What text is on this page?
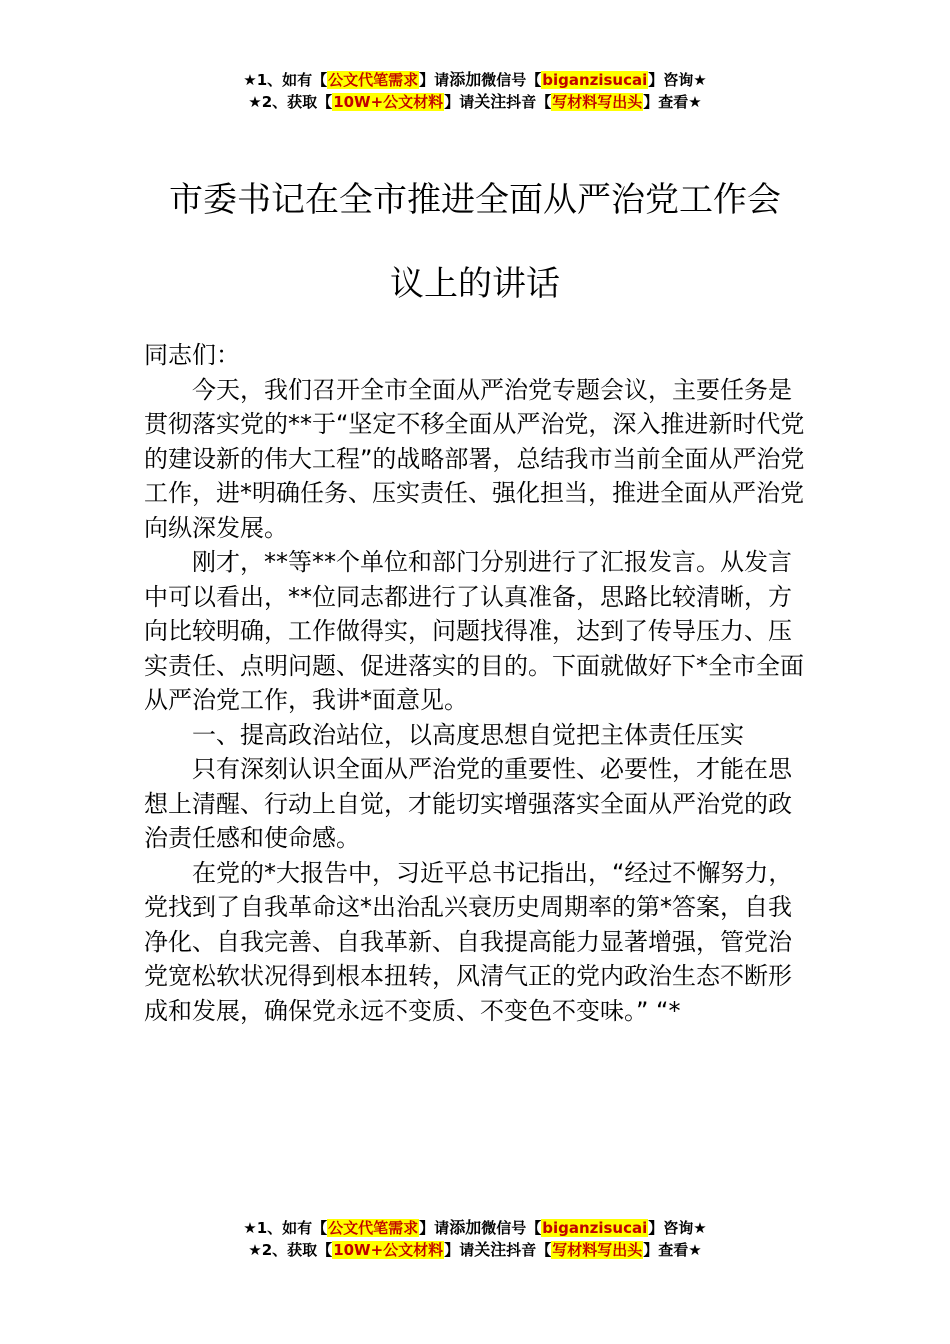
★1、如有【公文代笔需求】请添加微信号【biganzisucai】咨询★
★2、获取【10W+公文材料】请关注抖音【写材料写出头】查看★
市委书记在全市推进全面从严治党工作会
议上的讲话

同志们：

今天，我们召开全市全面从严治党专题会议，主要任务是贯彻落实党的**于“坚定不移全面从严治党，深入推进新时代党的建设新的伟大工程”的战略部署，总结我市当前全面从严治党工作，进*明确任务、压实责任、强化担当，推进全面从严治党向纵深发展。

刚才，**等**个单位和部门分别进行了汇报发言。从发言中可以看出，**位同志都进行了认真准备，思路比较清晰，方向比较明确，工作做得实，问题找得准，达到了传导压力、压实责任、点明问题、促进落实的目的。下面就做好下*全市全面从严治党工作，我讲*面意见。

一、提高政治站位，以高度思想自觉把主体责任压实

只有深刻认识全面从严治党的重要性、必要性，才能在思想上清醒、行动上自觉，才能切实增强落实全面从严治党的政治责任感和使命感。

在党的*大报告中，习近平总书记指出，“经过不懈努力，党找到了自我革命这*出治乱兴衰历史周期率的第*答案，自我净化、自我完善、自我革新、自我提高能力显著增强，管党治党宽松软状况得到根本扭转，风清气正的党内政治生态不断形成和发展，确保党永远不变质、不变色不变味。” “*

★1、如有【公文代笔需求】请添加微信号【biganzisucai】咨询★
★2、获取【10W+公文材料】请关注抖音【写材料写出头】查看★
